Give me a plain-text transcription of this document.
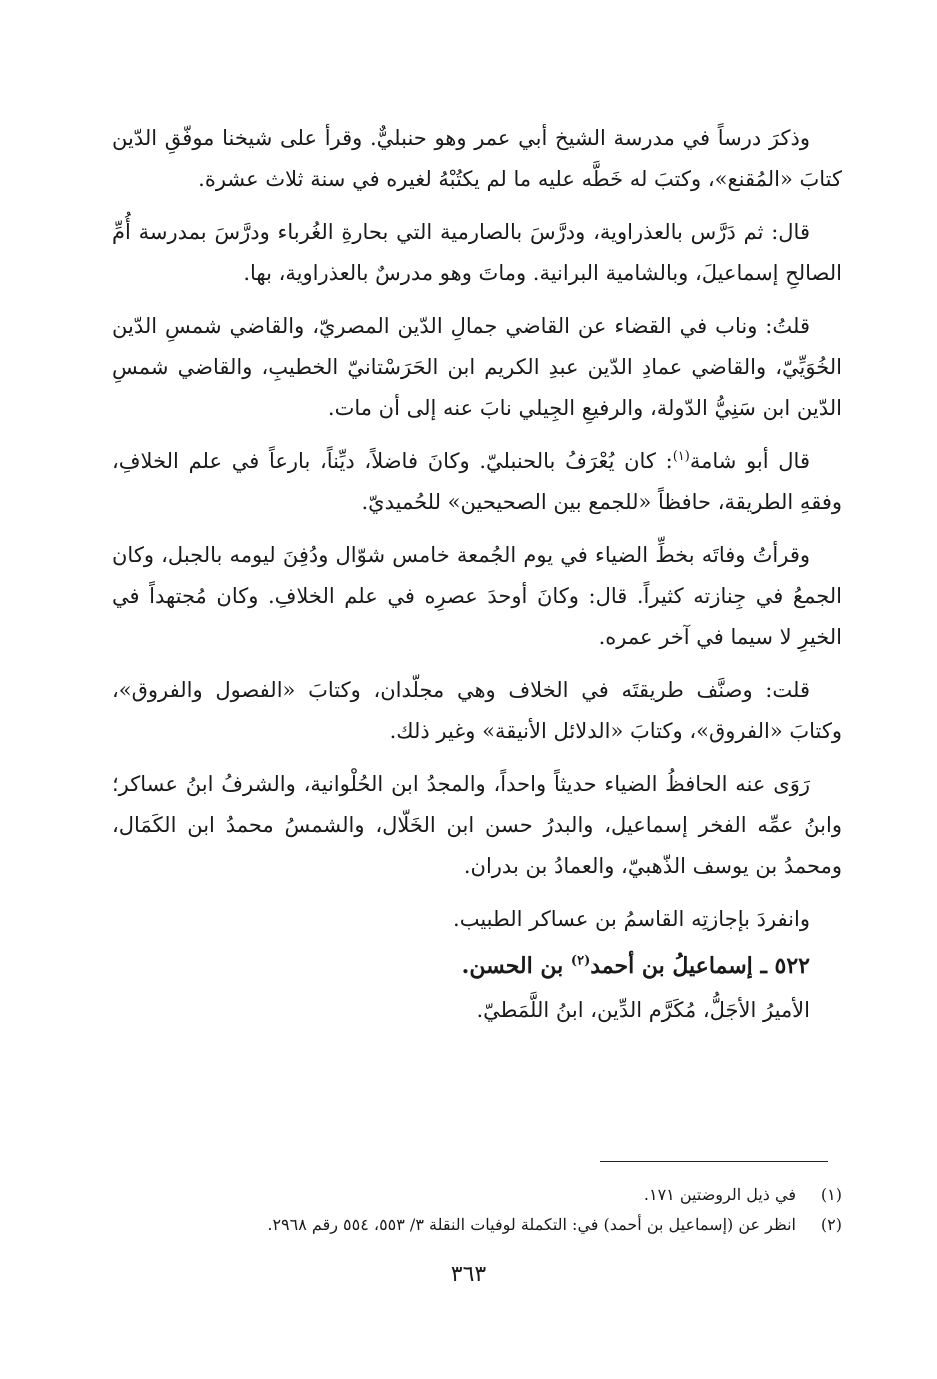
وذكرَ درساً في مدرسة الشيخ أبي عمر وهو حنبليٌّ. وقرأ على شيخنا موفّقِ الدّين كتابَ «المُقنع»، وكتبَ له خَطَّه عليه ما لم يكتُبْهُ لغيره في سنة ثلاث عشرة.

قال: ثم دَرَّس بالعذراوية، ودرَّسَ بالصارمية التي بحارةِ الغُرباء ودرَّسَ بمدرسة أُمِّ الصالحِ إسماعيلَ، وبالشامية البرانية. وماتَ وهو مدرسٌ بالعذراوية، بها.

قلتُ: وناب في القضاء عن القاضي جمالِ الدّين المصريّ، والقاضي شمسِ الدّين الخُوَيِّيّ، والقاضي عمادِ الدّين عبدِ الكريم ابن الحَرَسْتانيّ الخطيبِ، والقاضي شمسِ الدّين ابن سَنِيُّ الدّولة، والرفيعِ الجِيلي نابَ عنه إلى أن مات.

قال أبو شامة$^{(١)}$: كان يُعْرَفُ بالحنبليّ. وكانَ فاضلاً، ديِّناً، بارعاً في علم الخلافِ، وفقهِ الطريقة، حافظاً «للجمع بين الصحيحين» للحُميديّ.

وقرأتُ وفاتَه بخطِّ الضياء في يوم الجُمعة خامس شوّال ودُفِنَ ليومه بالجبل، وكان الجمعُ في جِنازته كثيراً. قال: وكانَ أوحدَ عصرِه في علم الخلافِ. وكان مُجتهداً في الخيرِ لا سيما في آخر عمره.

قلت: وصنَّف طريقتَه في الخلاف وهي مجلّدان، وكتابَ «الفصول والفروق»، وكتابَ «الفروق»، وكتابَ «الدلائل الأنيقة» وغير ذلك.

رَوَى عنه الحافظُ الضياء حديثاً واحداً، والمجدُ ابن الحُلْوانية، والشرفُ ابنُ عساكر؛ وابنُ عمِّه الفخر إسماعيل، والبدرُ حسن ابن الخَلّال، والشمسُ محمدُ ابن الكَمَال، ومحمدُ بن يوسف الذّهبيّ، والعمادُ بن بدران.

وانفردَ بإجازتِه القاسمُ بن عساكر الطبيب.

٥٢٢ ـ إسماعيلُ بن أحمد$^{(٢)}$ بن الحسن.

الأميرُ الأجَلُّ، مُكَرَّم الدِّين، ابنُ اللَّمَطيّ.

(١)في ذيل الروضتين ١٧١.

(٢)انظر عن (إسماعيل بن أحمد) في: التكملة لوفيات النقلة ٣/ ٥٥٣، ٥٥٤ رقم ٢٩٦٨.

٣٦٣
